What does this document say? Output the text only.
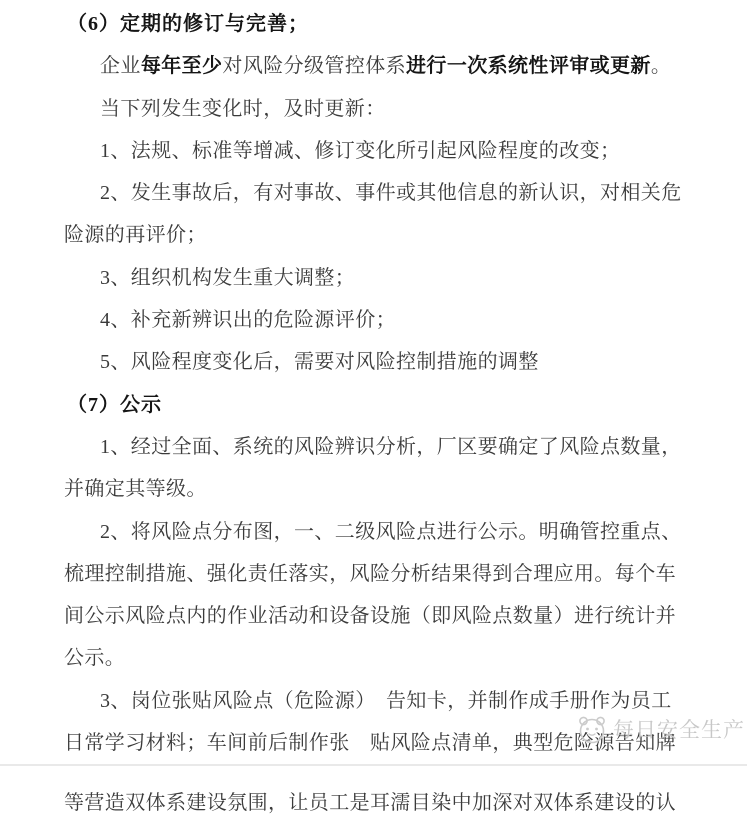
（6）定期的修订与完善；

企业每年至少对风险分级管控体系进行一次系统性评审或更新。

当下列发生变化时，及时更新：

1、法规、标准等增减、修订变化所引起风险程度的改变；

2、发生事故后，有对事故、事件或其他信息的新认识，对相关危

险源的再评价；

3、组织机构发生重大调整；

4、补充新辨识出的危险源评价；

5、风险程度变化后，需要对风险控制措施的调整

（7）公示

1、经过全面、系统的风险辨识分析，厂区要确定了风险点数量，

并确定其等级。

2、将风险点分布图，一、二级风险点进行公示。明确管控重点、

梳理控制措施、强化责任落实，风险分析结果得到合理应用。每个车

间公示风险点内的作业活动和设备设施（即风险点数量）进行统计并

公示。

3、岗位张贴风险点（危险源）　告知卡，并制作成手册作为员工

日常学习材料；车间前后制作张　贴风险点清单，典型危险源告知牌

等营造双体系建设氛围，让员工是耳濡目染中加深对双体系建设的认

每日安全生产
